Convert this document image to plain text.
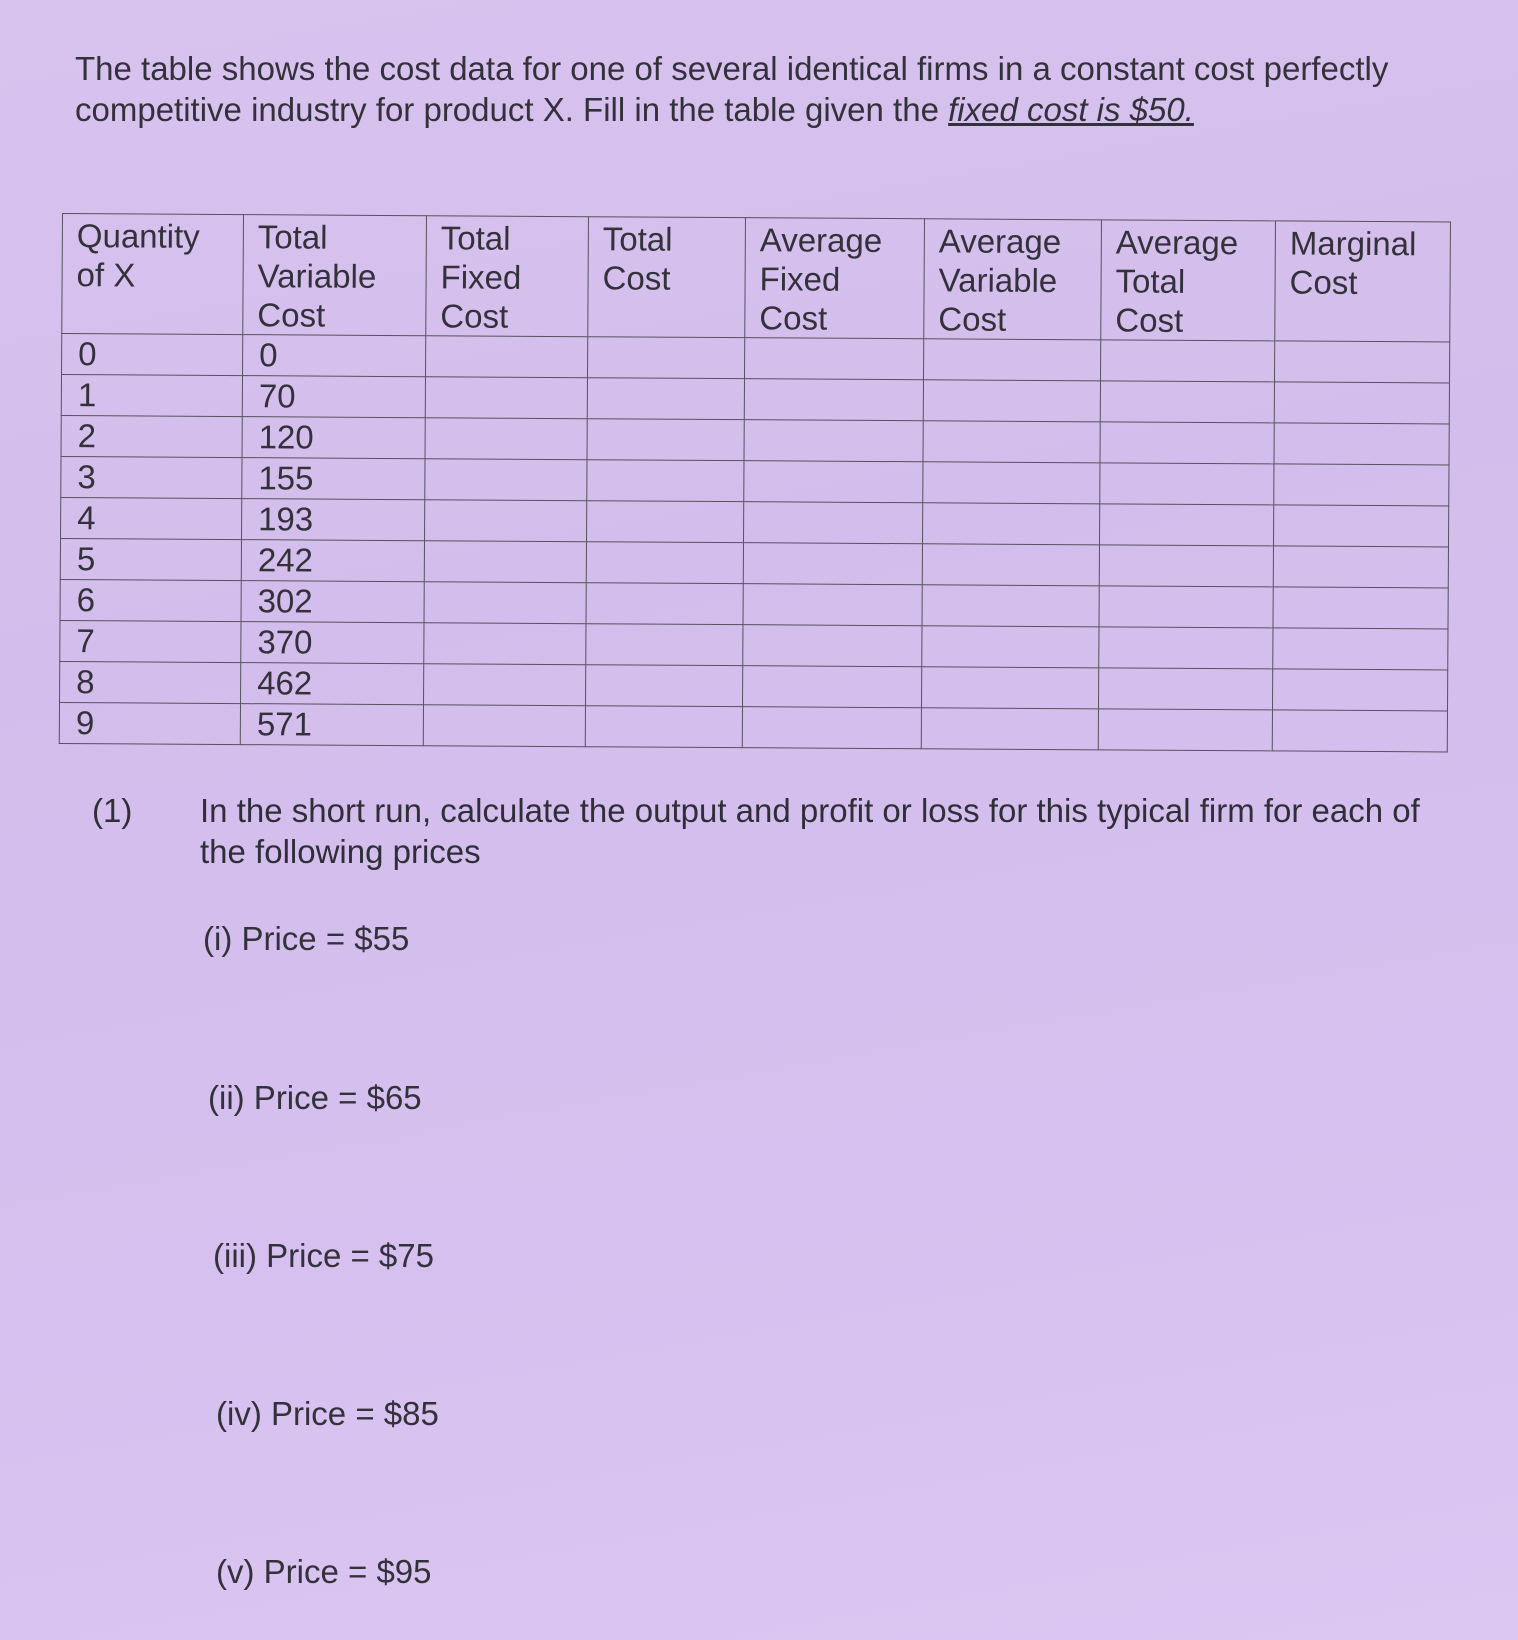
The table shows the cost data for one of several identical firms in a constant cost perfectly competitive industry for product X. Fill in the table given the fixed cost is $50.

Quantity of X	Total Variable Cost	Total Fixed Cost	Total Cost	Average Fixed Cost	Average Variable Cost	Average Total Cost	Marginal Cost
0	0						
1	70						
2	120						
3	155						
4	193						
5	242						
6	302						
7	370						
8	462						
9	571						
(1) In the short run, calculate the output and profit or loss for this typical firm for each of the following prices
(i) Price = $55
(ii) Price = $65
(iii) Price = $75
(iv) Price = $85
(v) Price = $95
